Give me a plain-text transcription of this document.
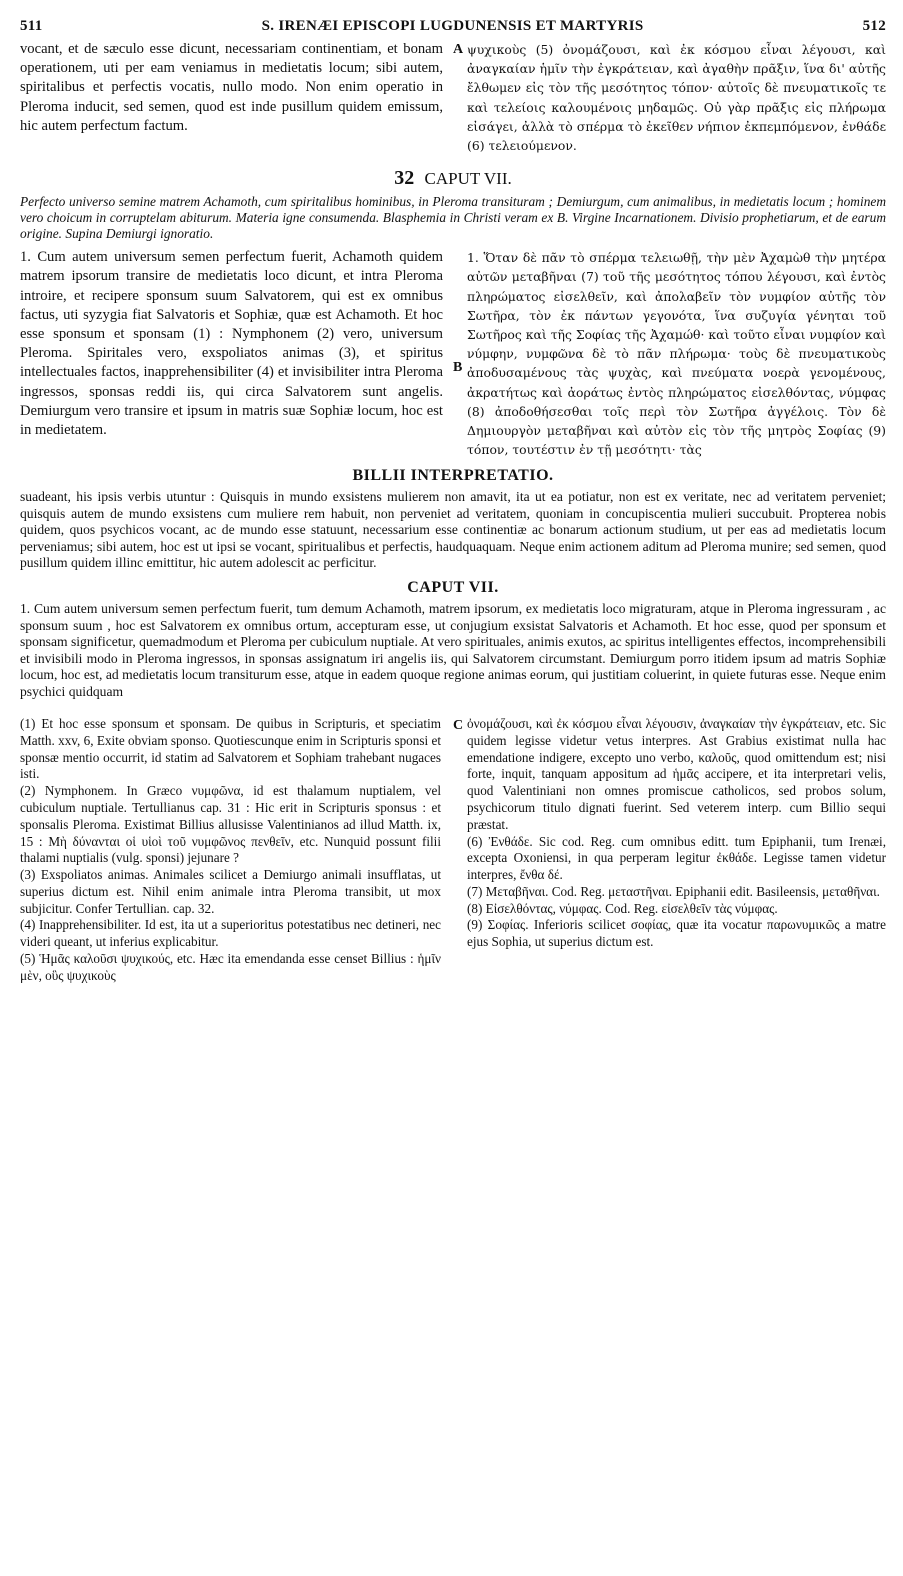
511	S. IRENÆI EPISCOPI LUGDUNENSIS ET MARTYRIS	512

vocant, et de sæculo esse dicunt, necessariam continentiam, et bonam operationem, uti per eam veniamus in medietatis locum; sibi autem, spiritalibus et perfectis vocatis, nullo modo. Non enim operatio in Pleroma inducit, sed semen, quod est inde pusillum quidem emissum, hic autem perfectum factum.

A ψυχικοὺς (5) ὀνομάζουσι, καὶ ἐκ κόσμου εἶναι λέγουσι, καὶ ἀναγκαίαν ἡμῖν τὴν ἐγκράτειαν, καὶ ἀγαθὴν πρᾶξιν, ἵνα δι' αὐτῆς ἔλθωμεν εἰς τὸν τῆς μεσότητος τόπον· αὐτοῖς δὲ πνευματικοῖς τε καὶ τελείοις καλουμένοις μηδαμῶς. Οὐ γὰρ πρᾶξις εἰς πλήρωμα εἰσάγει, ἀλλὰ τὸ σπέρμα τὸ ἐκεῖθεν νήπιον ἐκπεμπόμενον, ἐνθάδε (6) τελειούμενον.

32 CAPUT VII.

Perfecto universo semine matrem Achamoth, cum spiritalibus hominibus, in Pleroma transituram ; Demiurgum, cum animalibus, in medietatis locum ; hominem vero choicum in corruptelam abiturum. Materia igne consumenda. Blasphemia in Christi veram ex B. Virgine Incarnationem. Divisio prophetiarum, et de earum origine. Supina Demiurgi ignoratio.

1. Cum autem universum semen perfectum fuerit, Achamoth quidem matrem ipsorum transire de medietatis loco dicunt, et intra Pleroma introire, et recipere sponsum suum Salvatorem, qui est ex omnibus factus, uti syzygia fiat Salvatoris et Sophiæ, quæ est Achamoth. Et hoc esse sponsum et sponsam (1) : Nymphonem (2) vero, universum Pleroma. Spiritales vero, exspoliatos animas (3), et spiritus intellectuales factos, inapprehensibiliter (4) et invisibiliter intra Pleroma ingressos, sponsas reddi iis, qui circa Salvatorem sunt angelis. Demiurgum vero transire et ipsum in matris suæ Sophiæ locum, hoc est in medietatem.

B

1. Ὅταν δὲ πᾶν τὸ σπέρμα τελειωθῇ, τὴν μὲν Ἀχαμὼθ τὴν μητέρα αὐτῶν μεταβῆναι (7) τοῦ τῆς μεσότητος τόπου λέγουσι, καὶ ἐντὸς πληρώματος εἰσελθεῖν, καὶ ἀπολαβεῖν τὸν νυμφίον αὐτῆς τὸν Σωτῆρα, τὸν ἐκ πάντων γεγονότα, ἵνα συζυγία γένηται τοῦ Σωτῆρος καὶ τῆς Σοφίας τῆς Ἀχαμώθ· καὶ τοῦτο εἶναι νυμφίον καὶ νύμφην, νυμφῶνα δὲ τὸ πᾶν πλήρωμα· τοὺς δὲ πνευματικοὺς ἀποδυσαμένους τὰς ψυχὰς, καὶ πνεύματα νοερὰ γενομένους, ἀκρατήτως καὶ ἀοράτως ἐντὸς πληρώματος εἰσελθόντας, νύμφας (8) ἀποδοθήσεσθαι τοῖς περὶ τὸν Σωτῆρα ἀγγέλοις. Τὸν δὲ Δημιουργὸν μεταβῆναι καὶ αὐτὸν εἰς τὸν τῆς μητρὸς Σοφίας (9) τόπον, τουτέστιν ἐν τῇ μεσότητι· τὰς

BILLII INTERPRETATIO.

suadeant, his ipsis verbis utuntur : Quisquis in mundo exsistens mulierem non amavit, ita ut ea potiatur, non est ex veritate, nec ad veritatem perveniet; quisquis autem de mundo exsistens cum muliere rem habuit, non perveniet ad veritatem, quoniam in concupiscentia mulieri succubuit. Propterea nobis quidem, quos psychicos vocant, ac de mundo esse statuunt, necessarium esse continentiæ ac bonarum actionum studium, ut per eas ad medietatis locum perveniamus; sibi autem, hoc est ut ipsi se vocant, spiritualibus et perfectis, haudquaquam. Neque enim actionem aditum ad Pleroma munire; sed semen, quod pusillum quidem illinc emittitur, hic autem adolescit ac perficitur.

CAPUT VII.

1. Cum autem universum semen perfectum fuerit, tum demum Achamoth, matrem ipsorum, ex medietatis loco migraturam, atque in Pleroma ingressuram , ac sponsum suum , hoc est Salvatorem ex omnibus ortum, accepturam esse, ut conjugium exsistat Salvatoris et Achamoth. Et hoc esse, quod per sponsum et sponsam significetur, quemadmodum et Pleroma per cubiculum nuptiale. At vero spirituales, animis exutos, ac spiritus intelligentes effectos, incomprehensibili et invisibili modo in Pleroma ingressos, in sponsas assignatum iri angelis iis, qui Salvatorem circumstant. Demiurgum porro itidem ipsum ad matris Sophiæ locum, hoc est, ad medietatis locum transiturum esse, atque in eadem quoque regione animas eorum, qui justitiam coluerint, in quiete futuras esse. Neque enim psychici quidquam

(1) Et hoc esse sponsum et sponsam. De quibus in Scripturis, et speciatim Matth. xxv, 6, Exite obviam sponso. Quotiescunque enim in Scripturis sponsi et sponsæ mentio occurrit, id statim ad Salvatorem et Sophiam trahebant nugaces isti.

(2) Nymphonem. In Græco νυμφῶνα, id est thalamum nuptialem, vel cubiculum nuptiale. Tertullianus cap. 31 : Hic erit in Scripturis sponsus : et sponsalis Pleroma. Existimat Billius allusisse Valentinianos ad illud Matth. ix, 15 : Μὴ δύνανται οἱ υἱοὶ τοῦ νυμφῶνος πενθεῖν, etc. Nunquid possunt filii thalami nuptialis (vulg. sponsi) jejunare ?

(3) Exspoliatos animas. Animales scilicet a Demiurgo animali insufflatas, ut superius dictum est. Nihil enim animale intra Pleroma transibit, ut mox subjicitur. Confer Tertullian. cap. 32.

(4) Inapprehensibiliter. Id est, ita ut a superioritus potestatibus nec detineri, nec videri queant, ut inferius explicabitur.

(5) Ἡμᾶς καλοῦσι ψυχικούς, etc. Hæc ita emendanda esse censet Billius : ἡμῖν μὲν, οὓς ψυχικοὺς

C ὀνομάζουσι, καὶ ἐκ κόσμου εἶναι λέγουσιν, ἀναγκαίαν τὴν ἐγκράτειαν, etc. Sic quidem legisse videtur vetus interpres. Ast Grabius existimat nulla hac emendatione indigere, excepto uno verbo, καλοῦς, quod omittendum est; nisi forte, inquit, tanquam appositum ad ἡμᾶς accipere, et ita interpretari velis, quod Valentiniani non omnes promiscue catholicos, sed probos solum, psychicorum titulo dignati fuerint. Sed veterem interp. cum Billio sequi præstat.

(6) Ἐνθάδε. Sic cod. Reg. cum omnibus editt. tum Epiphanii, tum Irenæi, excepta Oxoniensi, in qua perperam legitur ἐκθάδε. Legisse tamen videtur interpres, ἔνθα δέ.

(7) Μεταβῆναι. Cod. Reg. μεταστῆναι. Epiphanii edit. Basileensis, μεταθῆναι.

(8) Εἰσελθόντας, νύμφας. Cod. Reg. εἰσελθεῖν τὰς νύμφας.

(9) Σοφίας. Inferioris scilicet σοφίας, quæ ita vocatur παρωνυμικῶς a matre ejus Sophia, ut superius dictum est.
